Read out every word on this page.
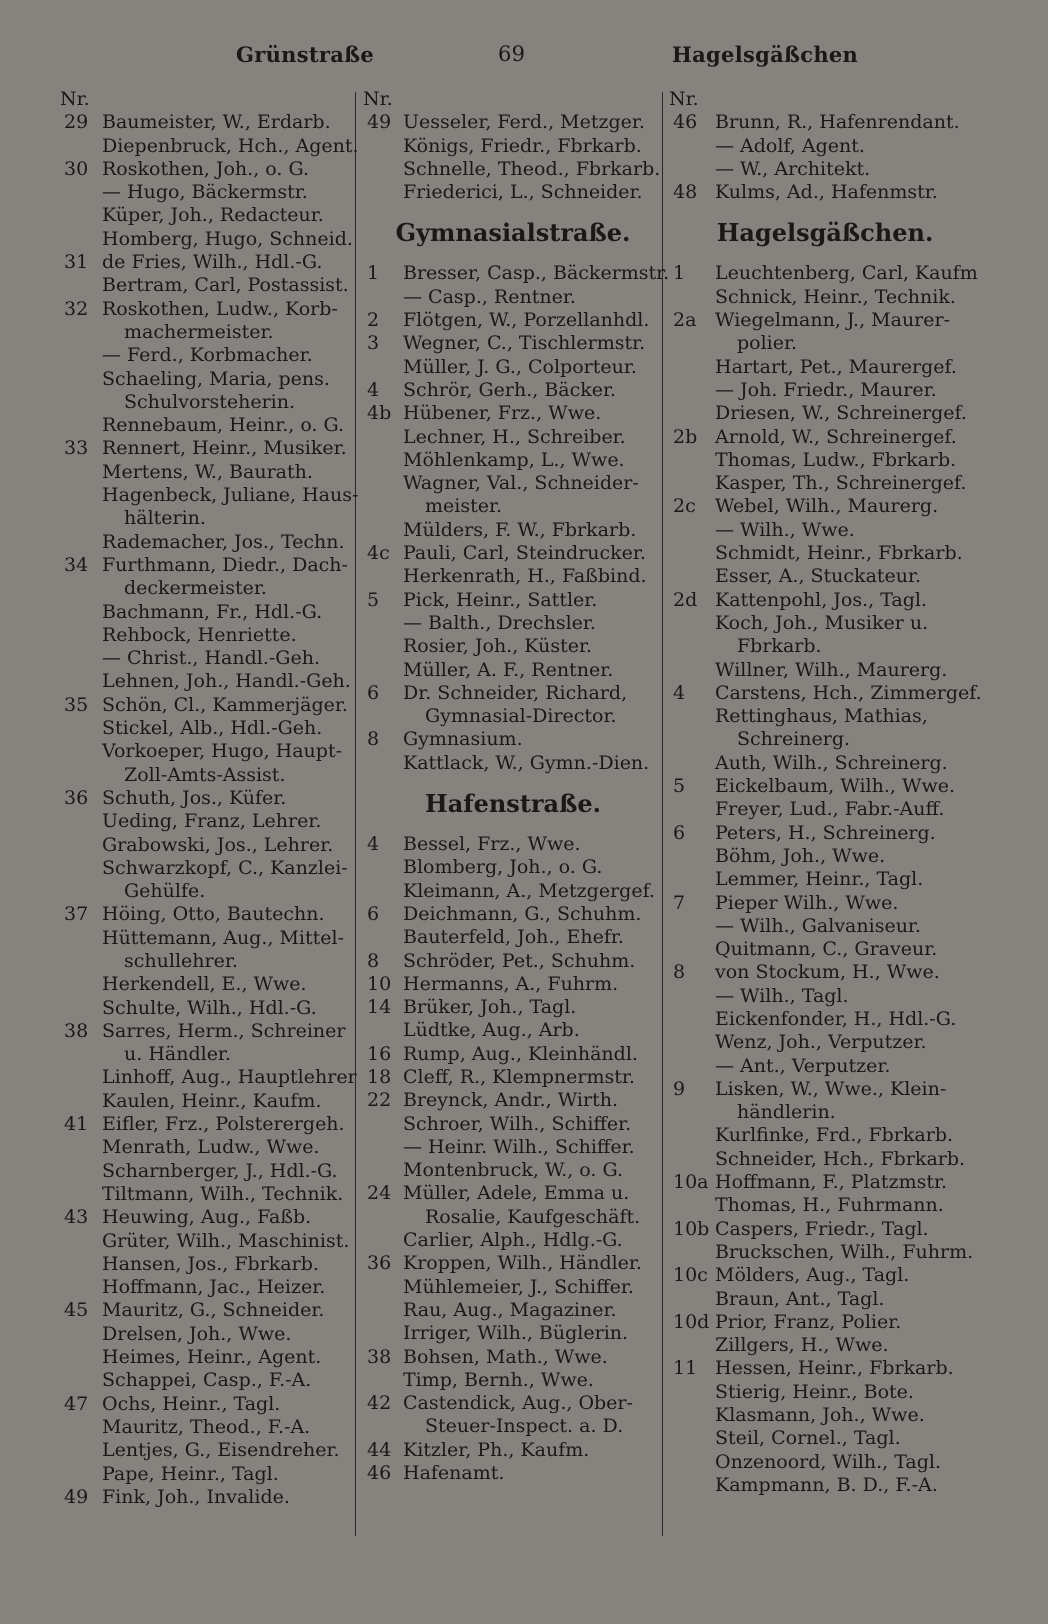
Grünstraße	69	Hagelsgäßchen
Nr.
29 Baumeister, W., Erdarb.
Diepenbruck, Hch., Agent.
30 Roskothen, Joh., o. G.
— Hugo, Bäckermstr.
Küper, Joh., Redacteur.
Homberg, Hugo, Schneid.
31 de Fries, Wilh., Hdl.-G.
Bertram, Carl, Postassist.
32 Roskothen, Ludw., Korb-
machermeister.
— Ferd., Korbmacher.
Schaeling, Maria, pens.
Schulvorsteherin.
Rennebaum, Heinr., o. G.
33 Rennert, Heinr., Musiker.
Mertens, W., Baurath.
Hagenbeck, Juliane, Haus-
hälterin.
Rademacher, Jos., Techn.
34 Furthmann, Diedr., Dach-
deckermeister.
Bachmann, Fr., Hdl.-G.
Rehbock, Henriette.
— Christ., Handl.-Geh.
Lehnen, Joh., Handl.-Geh.
35 Schön, Cl., Kammerjäger.
Stickel, Alb., Hdl.-Geh.
Vorkoeper, Hugo, Haupt-
Zoll-Amts-Assist.
36 Schuth, Jos., Küfer.
Ueding, Franz, Lehrer.
Grabowski, Jos., Lehrer.
Schwarzkopf, C., Kanzlei-
Gehülfe.
37 Höing, Otto, Bautechn.
Hüttemann, Aug., Mittel-
schullehrer.
Herkendell, E., Wwe.
Schulte, Wilh., Hdl.-G.
38 Sarres, Herm., Schreiner
u. Händler.
Linhoff, Aug., Hauptlehrer
Kaulen, Heinr., Kaufm.
41 Eifler, Frz., Polsterergeh.
Menrath, Ludw., Wwe.
Scharnberger, J., Hdl.-G.
Tiltmann, Wilh., Technik.
43 Heuwing, Aug., Faßb.
Grüter, Wilh., Maschinist.
Hansen, Jos., Fbrkarb.
Hoffmann, Jac., Heizer.
45 Mauritz, G., Schneider.
Drelsen, Joh., Wwe.
Heimes, Heinr., Agent.
Schappei, Casp., F.-A.
47 Ochs, Heinr., Tagl.
Mauritz, Theod., F.-A.
Lentjes, G., Eisendreher.
Pape, Heinr., Tagl.
49 Fink, Joh., Invalide.
Nr.
49 Uesseler, Ferd., Metzger.
Königs, Friedr., Fbrkarb.
Schnelle, Theod., Fbrkarb.
Friederici, L., Schneider.
Gymnasialstraße.
1 Bresser, Casp., Bäckermstr.
— Casp., Rentner.
2 Flötgen, W., Porzellanhdl.
3 Wegner, C., Tischlermstr.
Müller, J. G., Colporteur.
4 Schrör, Gerh., Bäcker.
4b Hübener, Frz., Wwe.
Lechner, H., Schreiber.
Möhlenkamp, L., Wwe.
Wagner, Val., Schneider-
meister.
Mülders, F. W., Fbrkarb.
4c Pauli, Carl, Steindrucker.
Herkenrath, H., Faßbind.
5 Pick, Heinr., Sattler.
— Balth., Drechsler.
Rosier, Joh., Küster.
Müller, A. F., Rentner.
6 Dr. Schneider, Richard,
Gymnasial-Director.
8 Gymnasium.
Kattlack, W., Gymn.-Dien.
Hafenstraße.
4 Bessel, Frz., Wwe.
Blomberg, Joh., o. G.
Kleimann, A., Metzgergef.
6 Deichmann, G., Schuhm.
Bauterfeld, Joh., Ehefr.
8 Schröder, Pet., Schuhm.
10 Hermanns, A., Fuhrm.
14 Brüker, Joh., Tagl.
Lüdtke, Aug., Arb.
16 Rump, Aug., Kleinhändl.
18 Cleff, R., Klempnermstr.
22 Breynck, Andr., Wirth.
Schroer, Wilh., Schiffer.
— Heinr. Wilh., Schiffer.
Montenbruck, W., o. G.
24 Müller, Adele, Emma u.
Rosalie, Kaufgeschäft.
Carlier, Alph., Hdlg.-G.
36 Kroppen, Wilh., Händler.
Mühlemeier, J., Schiffer.
Rau, Aug., Magaziner.
Irriger, Wilh., Büglerin.
38 Bohsen, Math., Wwe.
Timp, Bernh., Wwe.
42 Castendick, Aug., Ober-
Steuer-Inspect. a. D.
44 Kitzler, Ph., Kaufm.
46 Hafenamt.
Nr.
46 Brunn, R., Hafenrendant.
— Adolf, Agent.
— W., Architekt.
48 Kulms, Ad., Hafenmstr.
Hagelsgäßchen.
1 Leuchtenberg, Carl, Kaufm
Schnick, Heinr., Technik.
2a Wiegelmann, J., Maurer-
polier.
Hartart, Pet., Maurergef.
— Joh. Friedr., Maurer.
Driesen, W., Schreinergef.
2b Arnold, W., Schreinergef.
Thomas, Ludw., Fbrkarb.
Kasper, Th., Schreinergef.
2c Webel, Wilh., Maurerg.
— Wilh., Wwe.
Schmidt, Heinr., Fbrkarb.
Esser, A., Stuckateur.
2d Kattenpohl, Jos., Tagl.
Koch, Joh., Musiker u.
Fbrkarb.
Willner, Wilh., Maurerg.
4 Carstens, Hch., Zimmergef.
Rettinghaus, Mathias,
Schreinerg.
Auth, Wilh., Schreinerg.
5 Eickelbaum, Wilh., Wwe.
Freyer, Lud., Fabr.-Auff.
6 Peters, H., Schreinerg.
Böhm, Joh., Wwe.
Lemmer, Heinr., Tagl.
7 Pieper Wilh., Wwe.
— Wilh., Galvaniseur.
Quitmann, C., Graveur.
8 von Stockum, H., Wwe.
— Wilh., Tagl.
Eickenfonder, H., Hdl.-G.
Wenz, Joh., Verputzer.
— Ant., Verputzer.
9 Lisken, W., Wwe., Klein-
händlerin.
Kurlfinke, Frd., Fbrkarb.
Schneider, Hch., Fbrkarb.
10a Hoffmann, F., Platzmstr.
Thomas, H., Fuhrmann.
10b Caspers, Friedr., Tagl.
Bruckschen, Wilh., Fuhrm.
10c Mölders, Aug., Tagl.
Braun, Ant., Tagl.
10d Prior, Franz, Polier.
Zillgers, H., Wwe.
11 Hessen, Heinr., Fbrkarb.
Stierig, Heinr., Bote.
Klasmann, Joh., Wwe.
Steil, Cornel., Tagl.
Onzenoord, Wilh., Tagl.
Kampmann, B. D., F.-A.
